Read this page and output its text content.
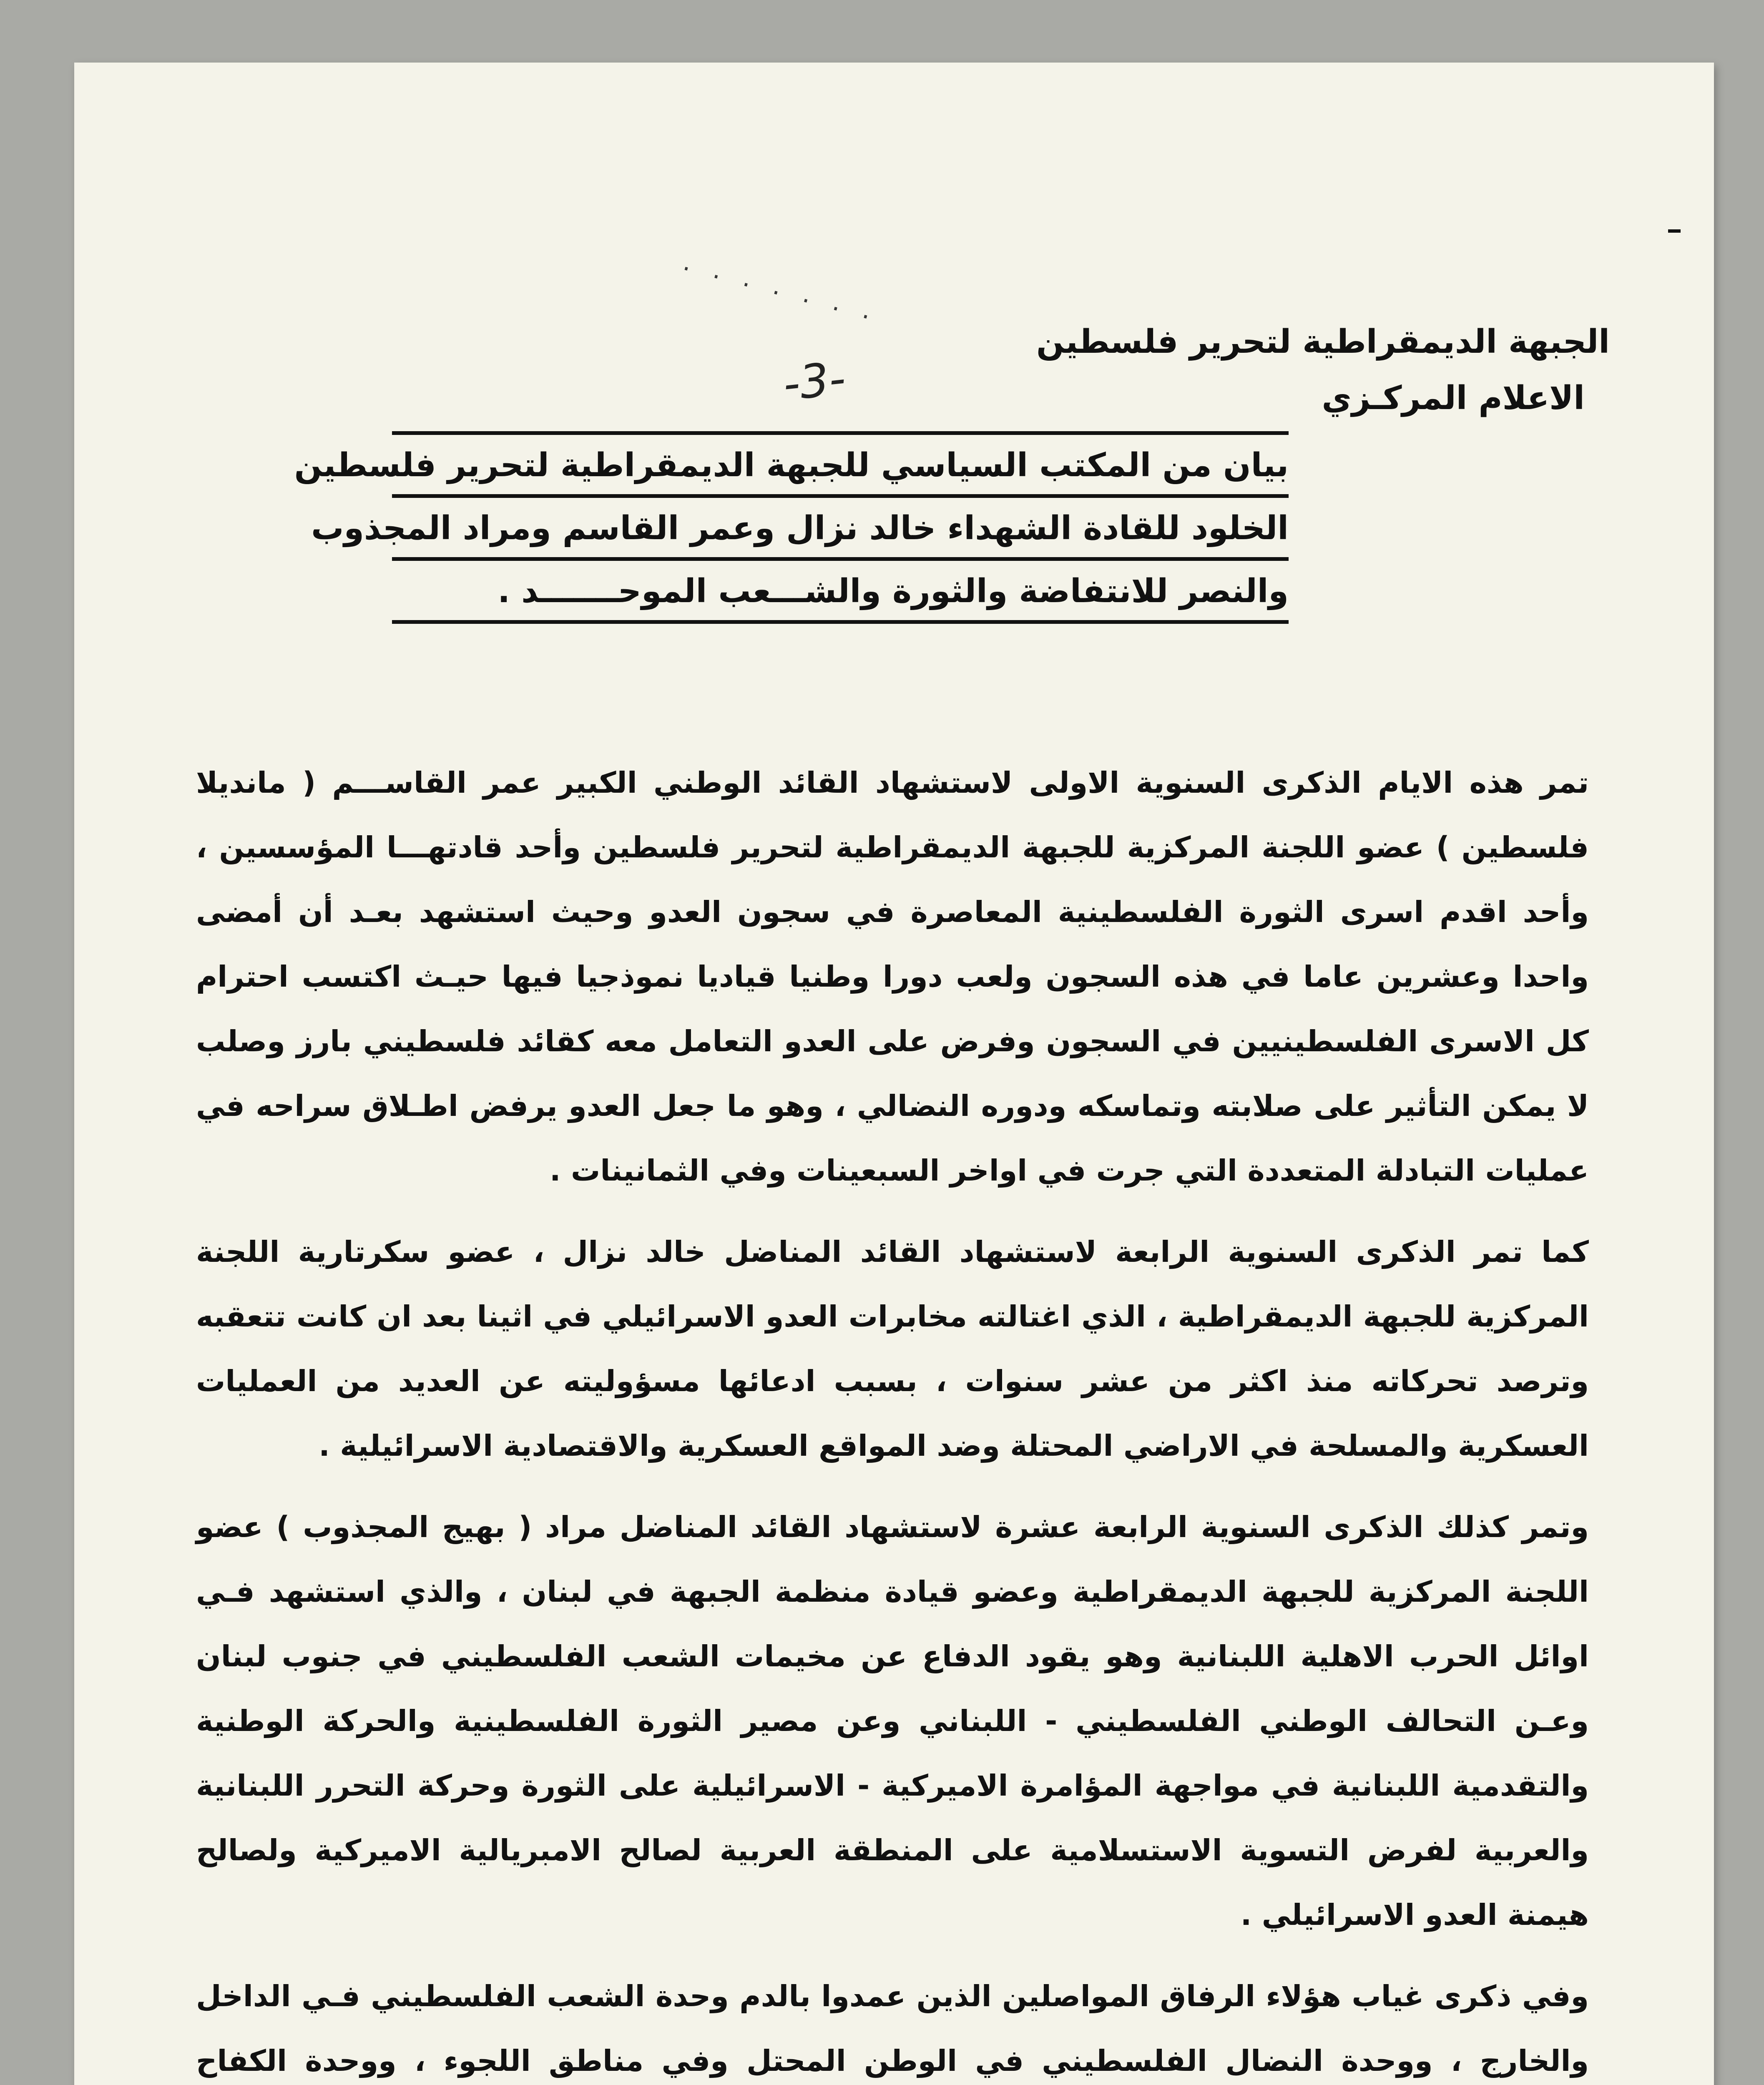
· · · · · · ·
-3-
الجبهة الديمقراطية لتحرير فلسطين
الاعلام المركـزي
بيان من المكتب السياسي للجبهة الديمقراطية لتحرير فلسطين
الخلود للقادة الشهداء خالد نزال وعمر القاسم ومراد المجذوب
والنصر للانتفاضة والثورة والشـــعب الموحـــــــد .

تمر هذه الايام الذكرى السنوية الاولى لاستشهاد القائد الوطني الكبير عمر القاســـم ( مانديلا فلسطين ) عضو اللجنة المركزية للجبهة الديمقراطية لتحرير فلسطين وأحد قادتهـــا المؤسسين ، وأحد اقدم اسرى الثورة الفلسطينية المعاصرة في سجون العدو وحيث استشهد بعـد أن أمضى واحدا وعشرين عاما في هذه السجون ولعب دورا وطنيا قياديا نموذجيا فيها حيـث اكتسب احترام كل الاسرى الفلسطينيين في السجون وفرض على العدو التعامل معه كقائد فلسطيني بارز وصلب لا يمكن التأثير على صلابته وتماسكه ودوره النضالي ، وهو ما جعل العدو يرفض اطـلاق سراحه في عمليات التبادلة المتعددة التي جرت في اواخر السبعينات وفي الثمانينات .

كما تمر الذكرى السنوية الرابعة لاستشهاد القائد المناضل خالد نزال ، عضو سكرتارية اللجنة المركزية للجبهة الديمقراطية ، الذي اغتالته مخابرات العدو الاسرائيلي في اثينا بعد ان كانت تتعقبه وترصد تحركاته منذ اكثر من عشر سنوات ، بسبب ادعائها مسؤوليته عن العديد من العمليات العسكرية والمسلحة في الاراضي المحتلة وضد المواقع العسكرية والاقتصادية الاسرائيلية .

وتمر كذلك الذكرى السنوية الرابعة عشرة لاستشهاد القائد المناضل مراد ( بهيج المجذوب ) عضو اللجنة المركزية للجبهة الديمقراطية وعضو قيادة منظمة الجبهة في لبنان ، والذي استشهد فـي اوائل الحرب الاهلية اللبنانية وهو يقود الدفاع عن مخيمات الشعب الفلسطيني في جنوب لبنان وعـن التحالف الوطني الفلسطيني - اللبناني وعن مصير الثورة الفلسطينية والحركة الوطنية والتقدمية اللبنانية في مواجهة المؤامرة الاميركية - الاسرائيلية على الثورة وحركة التحرر اللبنانية والعربية لفرض التسوية الاستسلامية على المنطقة العربية لصالح الامبريالية الاميركية ولصالح هيمنة العدو الاسرائيلي .

وفي ذكرى غياب هؤلاء الرفاق المواصلين الذين عمدوا بالدم وحدة الشعب الفلسطيني فـي الداخل والخارج ، ووحدة النضال الفلسطيني في الوطن المحتل وفي مناطق اللجوء ، ووحدة الكفاح
